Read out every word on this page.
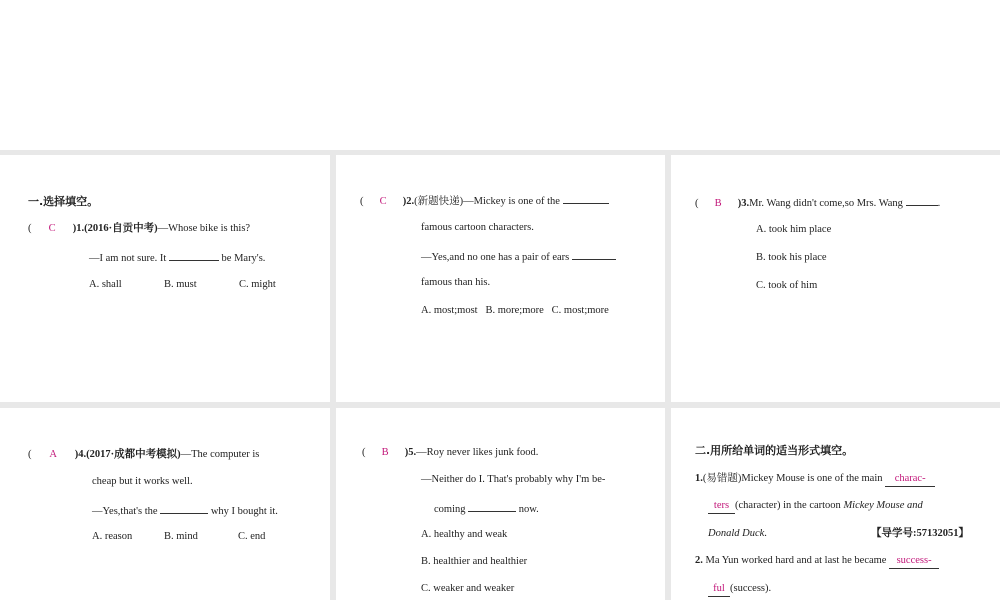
一.选择填空。
( C )1.(2016·自贡中考)—Whose bike is this?
—I am not sure. It	be Mary's.
A. shall	B. must	C. might
( C )2.(新题快递)—Mickey is one of the
famous cartoon characters.
—Yes,and no one has a pair of ears
famous than his.
A. most;most   B. more;more   C. most;more
( B )3.Mr. Wang didn't come,so Mrs. Wang	.
A. took him place
B. took his place
C. took of him
( A )4.(2017·成都中考模拟)—The computer is
cheap but it works well.
—Yes,that's the	why I bought it.
A. reason	B. mind	C. end
( B )5.—Roy never likes junk food.
—Neither do I. That's probably why I'm be-
coming	now.
A. healthy and weak
B. healthier and healthier
C. weaker and weaker
二.用所给单词的适当形式填空。
1.(易错题)Mickey Mouse is one of the main charac-
ters (character) in the cartoon Mickey Mouse and
Donald Duck.	【导学号:57132051】
2. Ma Yun worked hard and at last he became success-
ful (success).
